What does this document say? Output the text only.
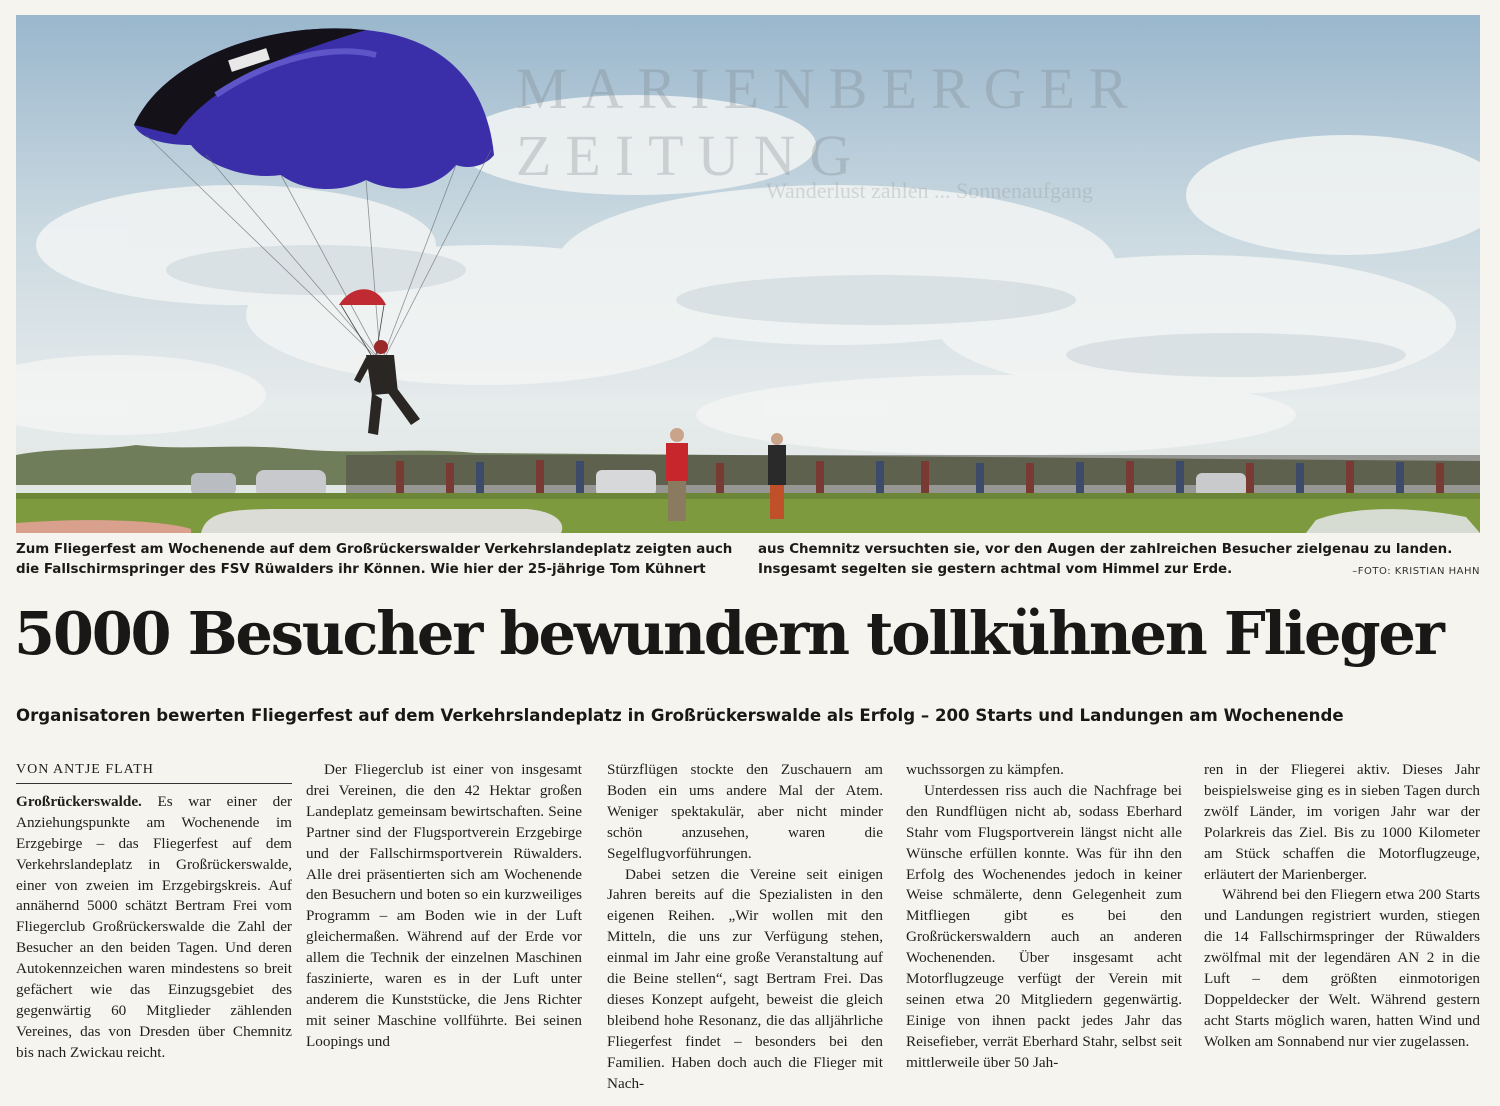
MARIENBERGER ZEITUNG
Wanderlust zahlen ... Sonnenaufgang
Zum Fliegerfest am Wochenende auf dem Großrückerswalder Verkehrslandeplatz zeigten auch die Fallschirmspringer des FSV Rüwalders ihr Können. Wie hier der 25-jährige Tom Kühnert
aus Chemnitz versuchten sie, vor den Augen der zahlreichen Besucher zielgenau zu landen. Insgesamt segelten sie gestern achtmal vom Himmel zur Erde.	–FOTO: KRISTIAN HAHN
5000 Besucher bewundern tollkühnen Flieger
Organisatoren bewerten Fliegerfest auf dem Verkehrslandeplatz in Großrückerswalde als Erfolg – 200 Starts und Landungen am Wochenende
VON ANTJE FLATH

Großrückerswalde. Es war einer der Anziehungspunkte am Wochenende im Erzgebirge – das Fliegerfest auf dem Verkehrslandeplatz in Großrückerswalde, einer von zweien im Erzgebirgskreis. Auf annähernd 5000 schätzt Bertram Frei vom Fliegerclub Großrückerswalde die Zahl der Besucher an den beiden Tagen. Und deren Autokennzeichen waren mindestens so breit gefächert wie das Einzugsgebiet des gegenwärtig 60 Mitglieder zählenden Vereines, das von Dresden über Chemnitz bis nach Zwickau reicht.

Der Fliegerclub ist einer von insgesamt drei Vereinen, die den 42 Hektar großen Landeplatz gemeinsam bewirtschaften. Seine Partner sind der Flugsportverein Erzgebirge und der Fallschirmsportverein Rüwalders. Alle drei präsentierten sich am Wochenende den Besuchern und boten so ein kurzweiliges Programm – am Boden wie in der Luft gleichermaßen. Während auf der Erde vor allem die Technik der einzelnen Maschinen faszinierte, waren es in der Luft unter anderem die Kunststücke, die Jens Richter mit seiner Maschine vollführte. Bei seinen Loopings und

Stürzflügen stockte den Zuschauern am Boden ein ums andere Mal der Atem. Weniger spektakulär, aber nicht minder schön anzusehen, waren die Segelflugvorführungen.

Dabei setzen die Vereine seit einigen Jahren bereits auf die Spezialisten in den eigenen Reihen. „Wir wollen mit den Mitteln, die uns zur Verfügung stehen, einmal im Jahr eine große Veranstaltung auf die Beine stellen“, sagt Bertram Frei. Das dieses Konzept aufgeht, beweist die gleich bleibend hohe Resonanz, die das alljährliche Fliegerfest findet – besonders bei den Familien. Haben doch auch die Flieger mit Nach-

wuchssorgen zu kämpfen.

Unterdessen riss auch die Nachfrage bei den Rundflügen nicht ab, sodass Eberhard Stahr vom Flugsportverein längst nicht alle Wünsche erfüllen konnte. Was für ihn den Erfolg des Wochenendes jedoch in keiner Weise schmälerte, denn Gelegenheit zum Mitfliegen gibt es bei den Großrückerswaldern auch an anderen Wochenenden. Über insgesamt acht Motorflugzeuge verfügt der Verein mit seinen etwa 20 Mitgliedern gegenwärtig. Einige von ihnen packt jedes Jahr das Reisefieber, verrät Eberhard Stahr, selbst seit mittlerweile über 50 Jah-

ren in der Fliegerei aktiv. Dieses Jahr beispielsweise ging es in sieben Tagen durch zwölf Länder, im vorigen Jahr war der Polarkreis das Ziel. Bis zu 1000 Kilometer am Stück schaffen die Motorflugzeuge, erläutert der Marienberger.

Während bei den Fliegern etwa 200 Starts und Landungen registriert wurden, stiegen die 14 Fallschirmspringer der Rüwalders zwölfmal mit der legendären AN 2 in die Luft – dem größten einmotorigen Doppeldecker der Welt. Während gestern acht Starts möglich waren, hatten Wind und Wolken am Sonnabend nur vier zugelassen.
